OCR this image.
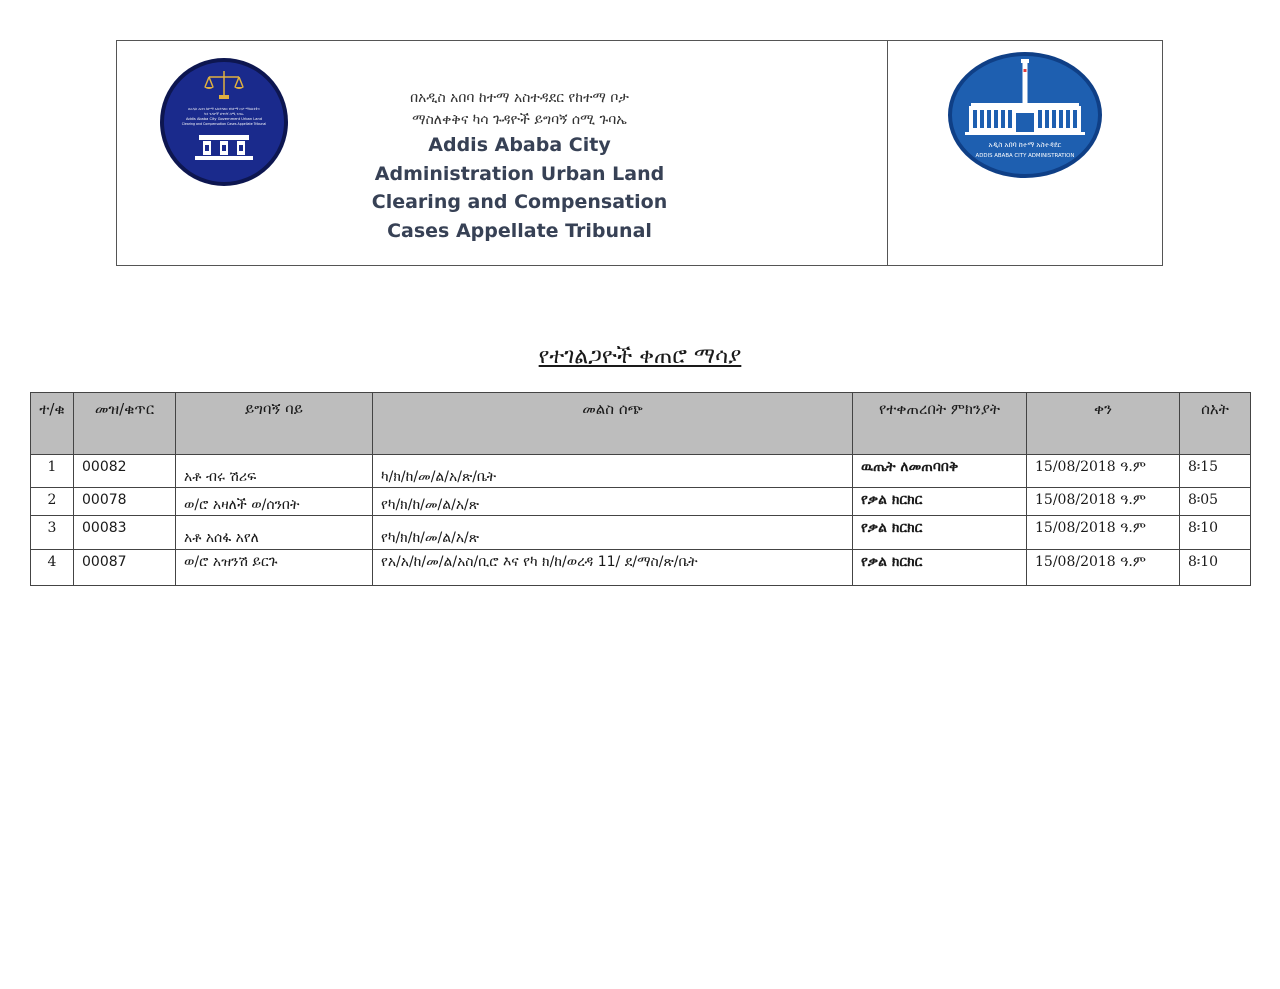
በአዲስ አበባ ከተማ አስተዳደር የከተማ ቦታ ማስለቀቅና
ካሳ ጉዳዮች ይግባኝ ሰሚ ጉባኤ
Addis Ababa City Government Urban Land
Clearing and Compensation Cases Appellate Tribunal
በአዲስ አበባ ከተማ አስተዳደር የከተማ ቦታ
ማስለቀቅና ካሳ ጉዳዮች ይግባኝ ሰሚ ጉባኤ
Addis Ababa City
Administration Urban Land
Clearing and Compensation
Cases Appellate Tribunal
አዲስ አበባ ከተማ አስተዳደር
ADDIS ABABA CITY ADMINISTRATION
የተገልጋዮች ቀጠሮ ማሳያ
ተ/ቁ	መዝ/ቁጥር	ይግባኝ ባይ	መልስ ሰጭ	የተቀጠረበት ምክንያት	ቀን	ሰአት
1	00082	አቶ ብሩ ሽሪፍ	ካ/ክ/ከ/መ/ል/አ/ጽ/ቤት	ዉጤት ለመጠባበቅ	15/08/2018 ዓ.ም	8፡15
2	00078	ወ/ሮ አዛለች ወ/ሰንበት	የካ/ክ/ከ/መ/ል/አ/ጽ	የቃል ክርክር	15/08/2018 ዓ.ም	8፡05
3	00083	አቶ አሰፋ አየለ	የካ/ክ/ከ/መ/ል/አ/ጽ	የቃል ክርክር	15/08/2018 ዓ.ም	8፡10
4	00087	ወ/ሮ አዝንሽ ይርጉ	የአ/አ/ከ/መ/ል/አስ/ቢሮ እና የካ ክ/ከ/ወረዳ 11/ ደ/ማስ/ጽ/ቤት	የቃል ክርክር	15/08/2018 ዓ.ም	8፡10
